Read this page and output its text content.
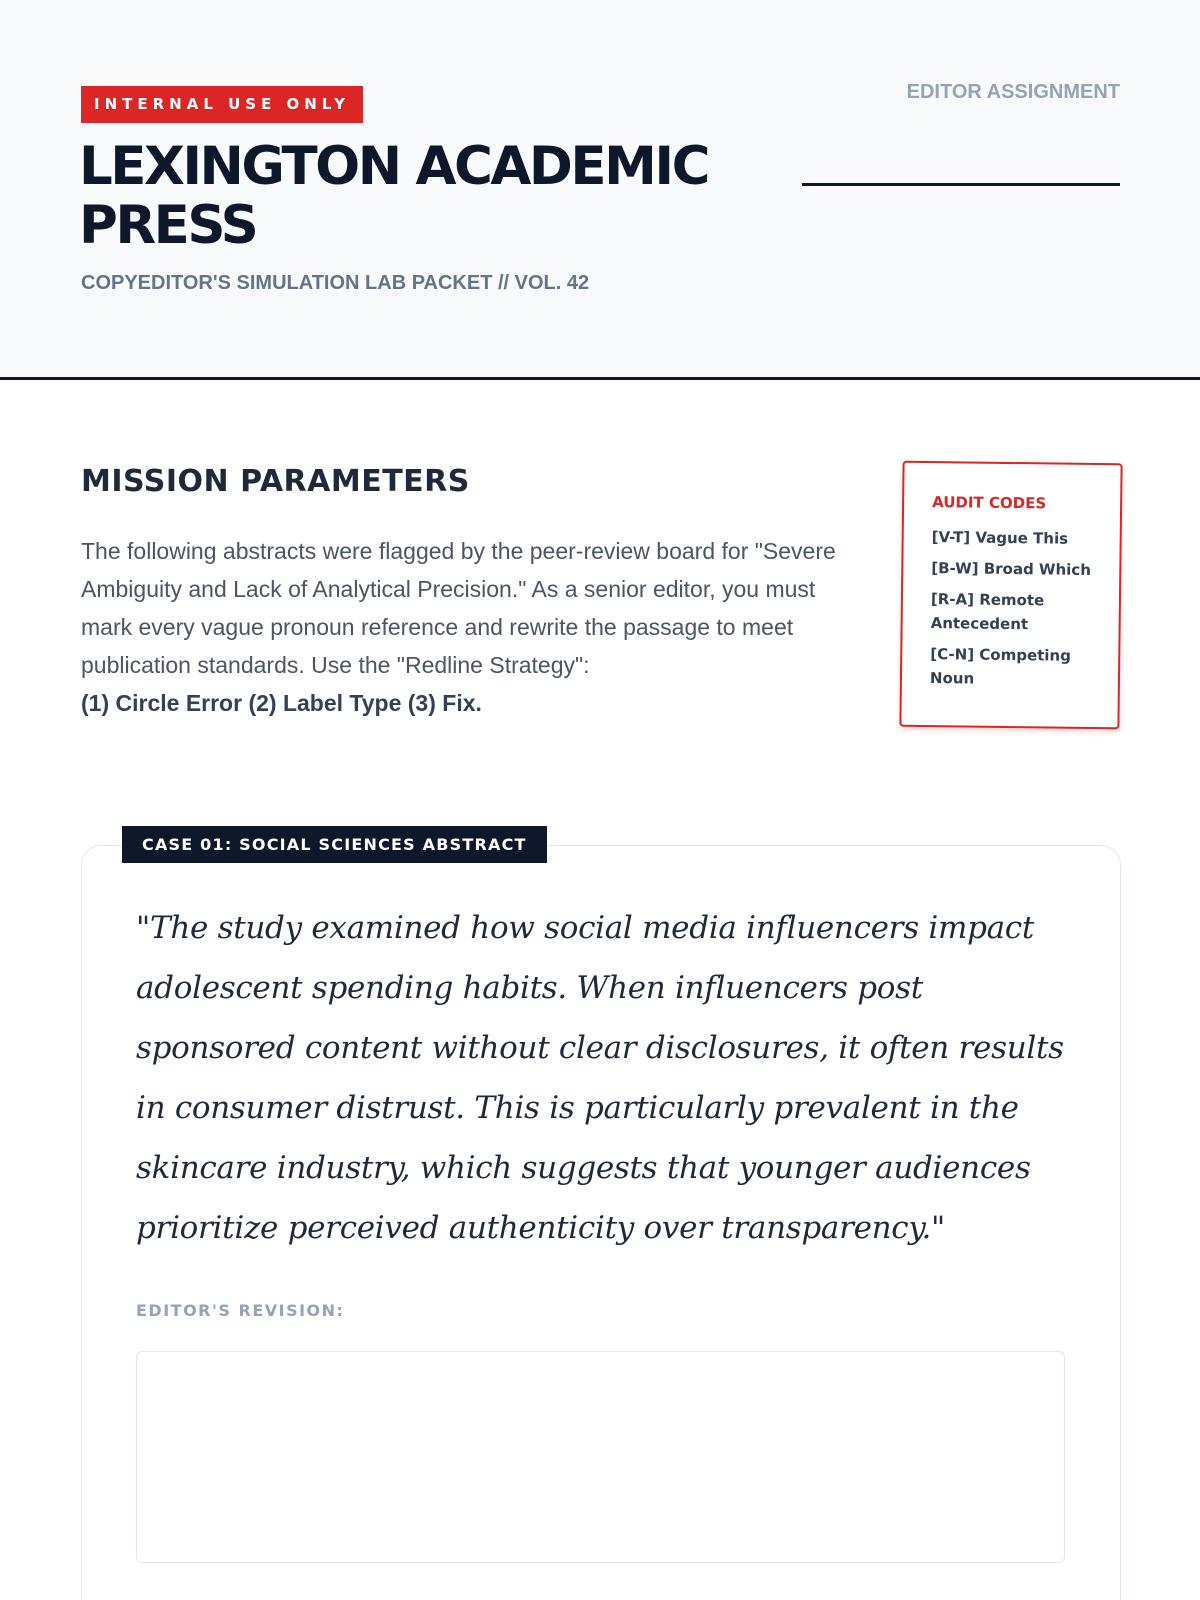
INTERNAL USE ONLY
EDITOR ASSIGNMENT
LEXINGTON ACADEMIC PRESS
COPYEDITOR'S SIMULATION LAB PACKET // VOL. 42
MISSION PARAMETERS

The following abstracts were flagged by the peer-review board for "Severe Ambiguity and Lack of Analytical Precision." As a senior editor, you must mark every vague pronoun reference and rewrite the passage to meet publication standards. Use the "Redline Strategy":
(1) Circle Error (2) Label Type (3) Fix.

AUDIT CODES
[V-T] Vague This
[B-W] Broad Which
[R-A] Remote Antecedent
[C-N] Competing Noun
CASE 01: SOCIAL SCIENCES ABSTRACT
"The study examined how social media influencers impact adolescent spending habits. When influencers post sponsored content without clear disclosures, it often results in consumer distrust. This is particularly prevalent in the skincare industry, which suggests that younger audiences prioritize perceived authenticity over transparency."
EDITOR'S REVISION:
